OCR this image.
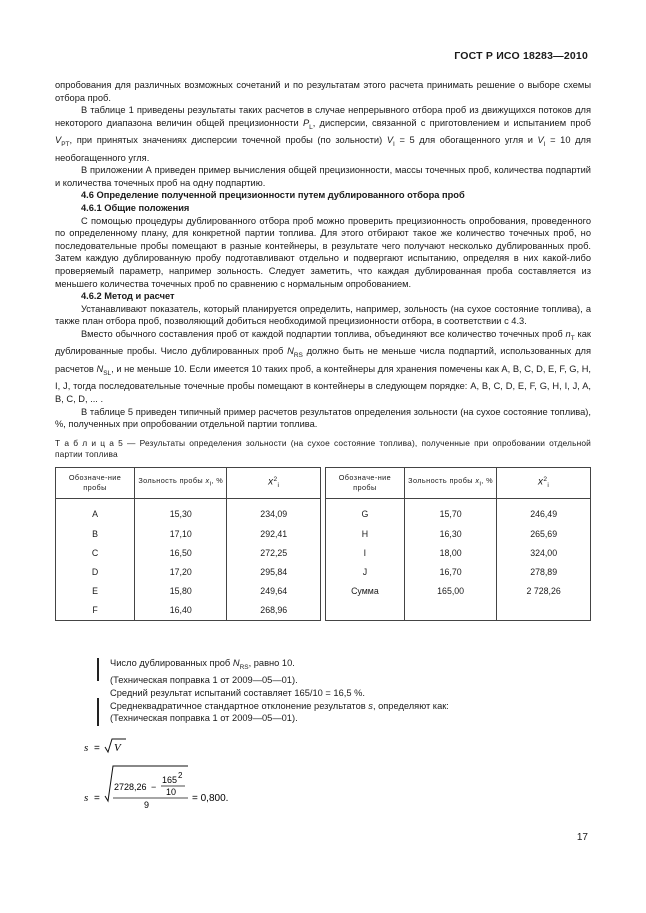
ГОСТ Р ИСО 18283—2010

опробования для различных возможных сочетаний и по результатам этого расчета принимать решение о выборе схемы отбора проб.

В таблице 1 приведены результаты таких расчетов в случае непрерывного отбора проб из движущихся потоков для некоторого диапазона величин общей прецизионности $P_L$, дисперсии, связанной с приготовлением и испытанием проб $V_{PT}$, при принятых значениях дисперсии точечной пробы (по зольности) $V_I = 5$ для обогащенного угля и $V_I = 10$ для необогащенного угля.

В приложении А приведен пример вычисления общей прецизионности, массы точечных проб, количества подпартий и количества точечных проб на одну подпартию.

4.6 Определение полученной прецизионности путем дублированного отбора проб

4.6.1 Общие положения

С помощью процедуры дублированного отбора проб можно проверить прецизионность опробования, проведенного по определенному плану, для конкретной партии топлива. Для этого отбирают такое же количество точечных проб, но последовательные пробы помещают в разные контейнеры, в результате чего получают несколько дублированных проб. Затем каждую дублированную пробу подготавливают отдельно и подвергают испытанию, определяя в них какой-либо проверяемый параметр, например зольность. Следует заметить, что каждая дублированная проба составляется из меньшего количества точечных проб по сравнению с нормальным опробованием.

4.6.2 Метод и расчет

Устанавливают показатель, который планируется определить, например, зольность (на сухое состояние топлива), а также план отбора проб, позволяющий добиться необходимой прецизионности отбора, в соответствии с 4.3.

Вместо обычного составления проб от каждой подпартии топлива, объединяют все количество точечных проб $n_T$ как дублированные пробы. Число дублированных проб $N_{RS}$ должно быть не меньше числа подпартий, использованных для расчетов $N_{SL}$, и не меньше 10. Если имеется 10 таких проб, а контейнеры для хранения помечены как A, B, C, D, E, F, G, H, I, J, тогда последовательные точечные пробы помещают в контейнеры в следующем порядке: A, B, C, D, E, F, G, H, I, J, A, B, C, D, ... .

В таблице 5 приведен типичный пример расчетов результатов определения зольности (на сухое состояние топлива), %, полученных при опробовании отдельной партии топлива.

Т а б л и ц а 5 — Результаты определения зольности (на сухое состояние топлива), полученные при опробовании отдельной партии топлива

Обозначе-ние пробы	Зольность пробы $x_i$, %	$x^2_i$		Обозначе-ние пробы	Зольность пробы $x_i$, %	$x^2_i$
A	15,30	234,09		G	15,70	246,49
B	17,10	292,41		H	16,30	265,69
C	16,50	272,25		I	18,00	324,00
D	17,20	295,84		J	16,70	278,89
E	15,80	249,64		Сумма	165,00	2 728,26
F	16,40	268,96				
Число дублированных проб $N_{RS}$, равно 10.
(Техническая поправка 1 от 2009—05—01).
Средний результат испытаний составляет 165/10 = 16,5 %.
Среднеквадратичное стандартное отклонение результатов s, определяют как:
(Техническая поправка 1 от 2009—05—01).
s = V
s =
2728,26 −
165 2
10
9
= 0,800.
17
